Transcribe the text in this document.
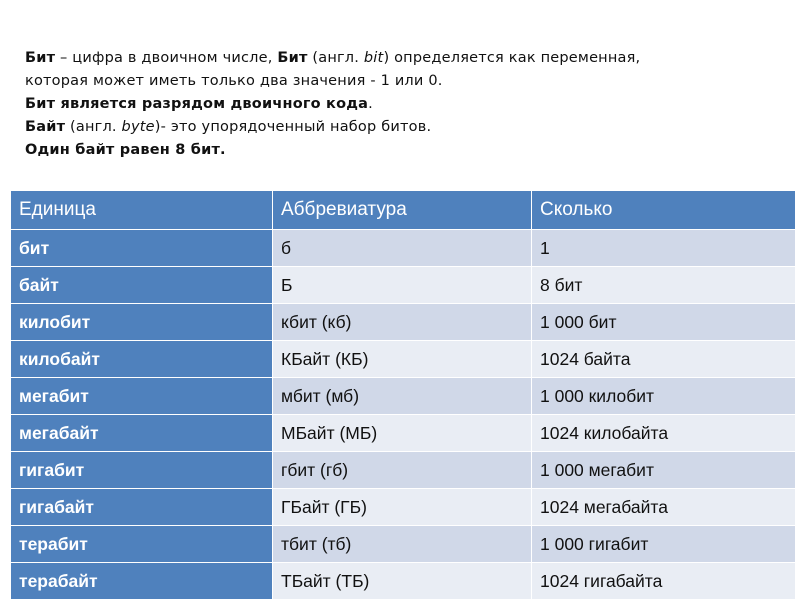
Бит – цифра в двоичном числе, Бит (англ. bit) определяется как переменная,

которая может иметь только два значения - 1 или 0.

Бит является разрядом двоичного кода.

Байт (англ. byte)- это упорядоченный набор битов.

Один байт равен 8 бит.

Единица	Аббревиатура	Сколько
бит	б	1
байт	Б	8 бит
килобит	кбит (кб)	1 000 бит
килобайт	КБайт (КБ)	1024 байта
мегабит	мбит (мб)	1 000 килобит
мегабайт	МБайт (МБ)	1024 килобайта
гигабит	гбит (гб)	1 000 мегабит
гигабайт	ГБайт (ГБ)	1024 мегабайта
терабит	тбит (тб)	1 000 гигабит
терабайт	ТБайт (ТБ)	1024 гигабайта
